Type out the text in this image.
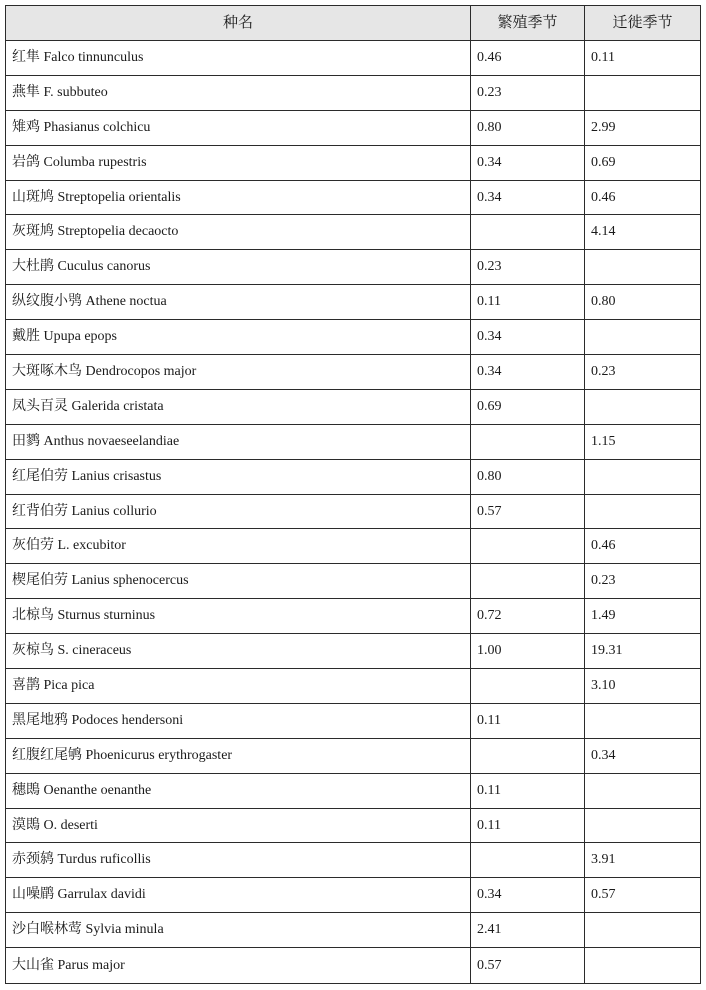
种名	繁殖季节	迁徙季节
红隼 Falco tinnunculus	0.46	0.11
燕隼 F. subbuteo	0.23	
雉鸡 Phasianus colchicu	0.80	2.99
岩鸽 Columba rupestris	0.34	0.69
山斑鸠 Streptopelia orientalis	0.34	0.46
灰斑鸠 Streptopelia decaocto		4.14
大杜鹃 Cuculus canorus	0.23	
纵纹腹小鸮 Athene noctua	0.11	0.80
戴胜 Upupa epops	0.34	
大斑啄木鸟 Dendrocopos major	0.34	0.23
凤头百灵 Galerida cristata	0.69	
田鹨 Anthus novaeseelandiae		1.15
红尾伯劳 Lanius crisastus	0.80	
红背伯劳 Lanius collurio	0.57	
灰伯劳 L. excubitor		0.46
楔尾伯劳 Lanius sphenocercus		0.23
北椋鸟 Sturnus sturninus	0.72	1.49
灰椋鸟 S. cineraceus	1.00	19.31
喜鹊 Pica pica		3.10
黑尾地鸦 Podoces hendersoni	0.11	
红腹红尾鸲 Phoenicurus erythrogaster		0.34
穗鵖 Oenanthe oenanthe	0.11	
漠鵖 O. deserti	0.11	
赤颈鸫 Turdus ruficollis		3.91
山噪鹛 Garrulax davidi	0.34	0.57
沙白喉林莺 Sylvia minula	2.41	
大山雀 Parus major	0.57	
